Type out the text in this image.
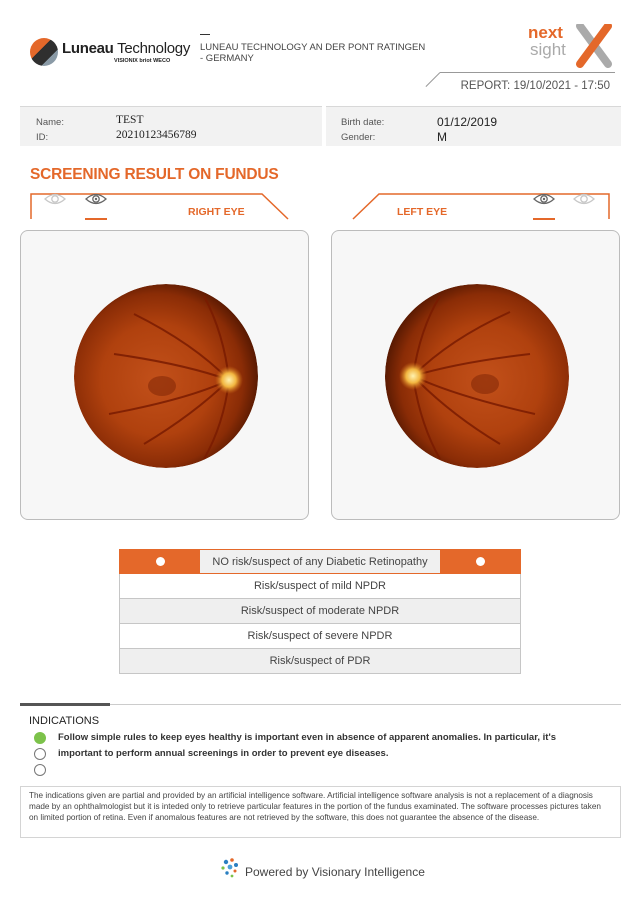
Luneau Technology
VISIONIX briot WECO
LUNEAU TECHNOLOGY AN DER PONT RATINGEN - GERMANY
next
sight
REPORT: 19/10/2021 - 17:50
Name:	TEST
ID:	20210123456789
Birth date:	01/12/2019
Gender:	M
SCREENING RESULT ON FUNDUS
RIGHT EYE	LEFT EYE
NO risk/suspect of any Diabetic Retinopathy
Risk/suspect of mild NPDR
Risk/suspect of moderate NPDR
Risk/suspect of severe NPDR
Risk/suspect of PDR
INDICATIONS
Follow simple rules to keep eyes healthy is important even in absence of apparent anomalies. In particular, it's important to perform annual screenings in order to prevent eye diseases.
The indications given are partial and provided by an artificial intelligence software. Artificial intelligence software analysis is not a replacement of a diagnosis made by an ophthalmologist but it is inteded only to retrieve particular features in the portion of the fundus examinated. The software processes pictures taken on limited portion of retina. Even if anomalous features are not retrieved by the software, this does not guarantee the absence of the disease.
Powered by Visionary Intelligence
